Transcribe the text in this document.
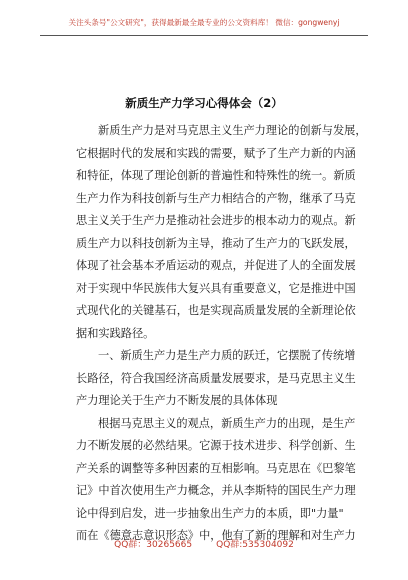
关注头条号"公文研究"，获得最新最全最专业的公文资料库！ 微信：gongwenyj
新质生产力学习心得体会（2）
新质生产力是对马克思主义生产力理论的创新与发展，
它根据时代的发展和实践的需要，赋予了生产力新的内涵
和特征，体现了理论创新的普遍性和特殊性的统一。新质
生产力作为科技创新与生产力相结合的产物，继承了马克
思主义关于生产力是推动社会进步的根本动力的观点。新
质生产力以科技创新为主导，推动了生产力的飞跃发展，
体现了社会基本矛盾运动的观点，并促进了人的全面发展
对于实现中华民族伟大复兴具有重要意义，它是推进中国
式现代化的关键基石，也是实现高质量发展的全新理论依
据和实践路径。
一、新质生产力是生产力质的跃迁，它摆脱了传统增
长路径，符合我国经济高质量发展要求，是马克思主义生
产力理论关于生产力不断发展的具体体现
根据马克思主义的观点，新质生产力的出现，是生产
力不断发展的必然结果。它源于技术进步、科学创新、生
产关系的调整等多种因素的互相影响。马克思在《巴黎笔
记》中首次使用生产力概念，并从李斯特的国民生产力理
论中得到启发，进一步抽象出生产力的本质，即"力量"
而在《德意志意识形态》中，他有了新的理解和对生产力
QQ群：30265665	QQ群:535304092
